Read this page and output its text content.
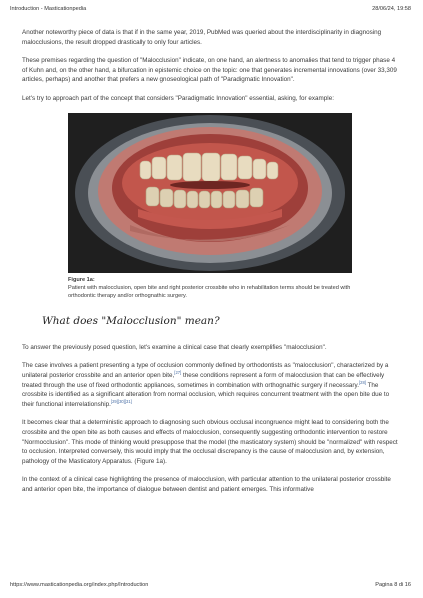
Introduction - Masticationpedia	28/06/24, 19:58

Another noteworthy piece of data is that if in the same year, 2019, PubMed was queried about the interdisciplinarity in diagnosing malocclusions, the result dropped drastically to only four articles.

These premises regarding the question of "Malocclusion" indicate, on one hand, an alertness to anomalies that tend to trigger phase 4 of Kuhn and, on the other hand, a bifurcation in epistemic choice on the topic: one that generates incremental innovations (over 33,309 articles, perhaps) and another that prefers a new gnoseological path of "Paradigmatic Innovation".

Let's try to approach part of the concept that considers "Paradigmatic Innovation" essential, asking, for example:

Figure 1a:
Patient with malocclusion, open bite and right posterior crossbite who in rehabilitation terms should be treated with orthodontic therapy and/or orthognathic surgery.
What does "Malocclusion" mean?

To answer the previously posed question, let's examine a clinical case that clearly exemplifies "malocclusion".

The case involves a patient presenting a type of occlusion commonly defined by orthodontists as "malocclusion", characterized by a unilateral posterior crossbite and an anterior open bite,[27] these conditions represent a form of malocclusion that can be effectively treated through the use of fixed orthodontic appliances, sometimes in combination with orthognathic surgery if necessary.[28] The crossbite is identified as a significant alteration from normal occlusion, which requires concurrent treatment with the open bite due to their functional interrelationship.[29][30][31]

It becomes clear that a deterministic approach to diagnosing such obvious occlusal incongruence might lead to considering both the crossbite and the open bite as both causes and effects of malocclusion, consequently suggesting orthodontic intervention to restore "Normocclusion". This mode of thinking would presuppose that the model (the masticatory system) should be "normalized" with respect to occlusion. Interpreted conversely, this would imply that the occlusal discrepancy is the cause of malocclusion and, by extension, pathology of the Masticatory Apparatus. (Figure 1a).

In the context of a clinical case highlighting the presence of malocclusion, with particular attention to the unilateral posterior crossbite and anterior open bite, the importance of dialogue between dentist and patient emerges. This informative

https://www.masticationpedia.org/index.php/Introduction	Pagina 8 di 16
